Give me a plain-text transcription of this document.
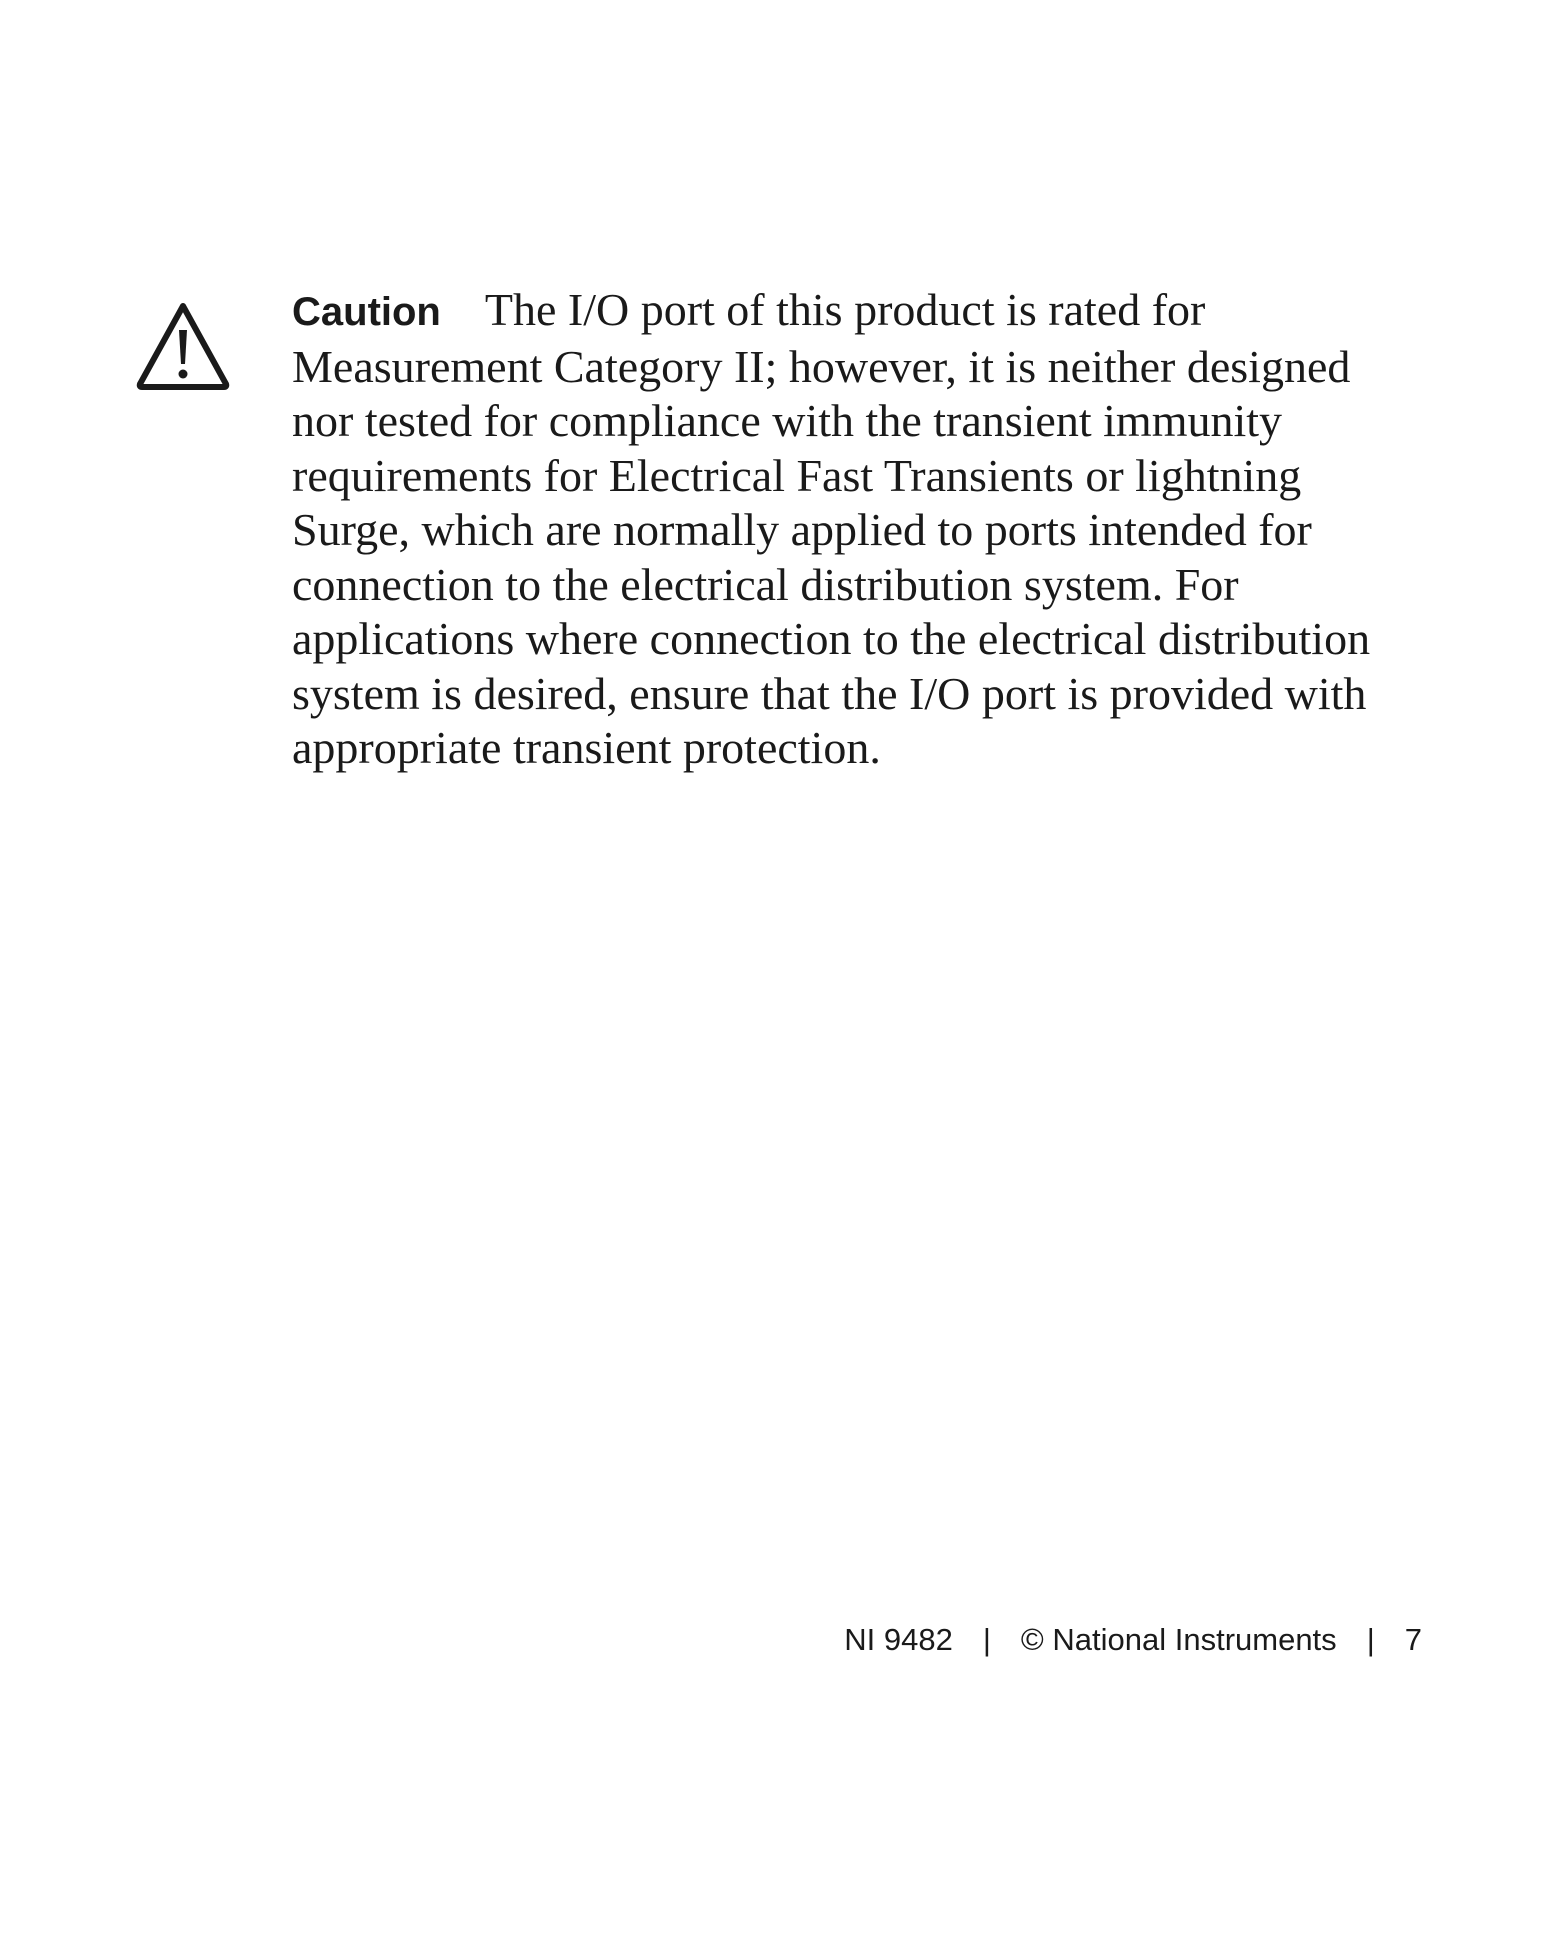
Caution The I/O port of this product is rated for
Measurement Category II; however, it is neither designed
nor tested for compliance with the transient immunity
requirements for Electrical Fast Transients or lightning
Surge, which are normally applied to ports intended for
connection to the electrical distribution system. For
applications where connection to the electrical distribution
system is desired, ensure that the I/O port is provided with
appropriate transient protection.
NI 9482 | © National Instruments | 7
